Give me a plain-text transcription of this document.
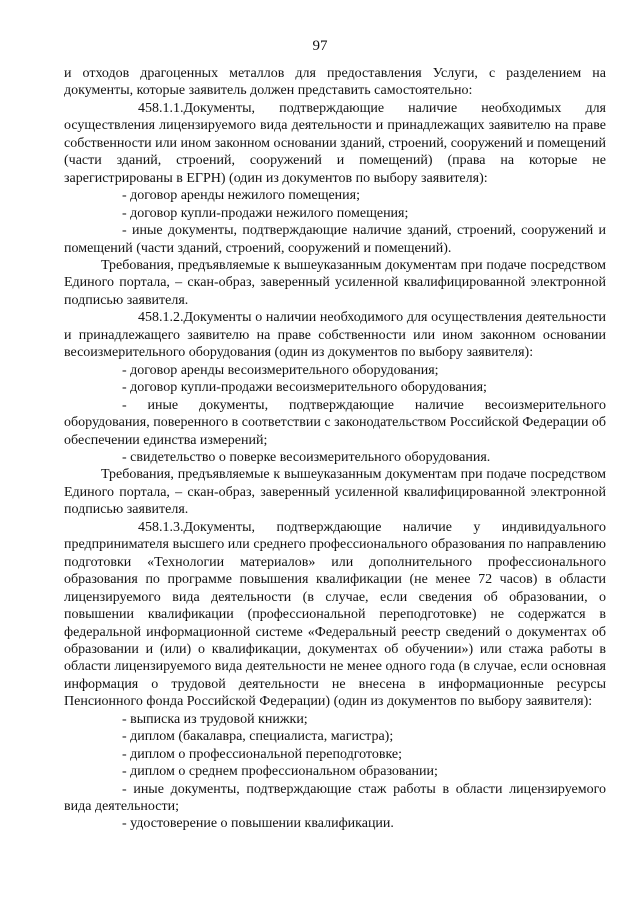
97

и отходов драгоценных металлов для предоставления Услуги, с разделением на документы, которые заявитель должен представить самостоятельно:

458.1.1.Документы, подтверждающие наличие необходимых для осуществления лицензируемого вида деятельности и принадлежащих заявителю на праве собственности или ином законном основании зданий, строений, сооружений и помещений (части зданий, строений, сооружений и помещений) (права на которые не зарегистрированы в ЕГРН) (один из документов по выбору заявителя):

- договор аренды нежилого помещения;

- договор купли-продажи нежилого помещения;

- иные документы, подтверждающие наличие зданий, строений, сооружений и помещений (части зданий, строений, сооружений и помещений).

Требования, предъявляемые к вышеуказанным документам при подаче посредством Единого портала, – скан-образ, заверенный усиленной квалифицированной электронной подписью заявителя.

458.1.2.Документы о наличии необходимого для осуществления деятельности и принадлежащего заявителю на праве собственности или ином законном основании весоизмерительного оборудования (один из документов по выбору заявителя):

- договор аренды весоизмерительного оборудования;

- договор купли-продажи весоизмерительного оборудования;

- иные документы, подтверждающие наличие весоизмерительного оборудования, поверенного в соответствии с законодательством Российской Федерации об обеспечении единства измерений;

- свидетельство о поверке весоизмерительного оборудования.

Требования, предъявляемые к вышеуказанным документам при подаче посредством Единого портала, – скан-образ, заверенный усиленной квалифицированной электронной подписью заявителя.

458.1.3.Документы, подтверждающие наличие у индивидуального предпринимателя высшего или среднего профессионального образования по направлению подготовки «Технологии материалов» или дополнительного профессионального образования по программе повышения квалификации (не менее 72 часов) в области лицензируемого вида деятельности (в случае, если сведения об образовании, о повышении квалификации (профессиональной переподготовке) не содержатся в федеральной информационной системе «Федеральный реестр сведений о документах об образовании и (или) о квалификации, документах об обучении») или стажа работы в области лицензируемого вида деятельности не менее одного года (в случае, если основная информация о трудовой деятельности не внесена в информационные ресурсы Пенсионного фонда Российской Федерации) (один из документов по выбору заявителя):

- выписка из трудовой книжки;

- диплом (бакалавра, специалиста, магистра);

- диплом о профессиональной переподготовке;

- диплом о среднем профессиональном образовании;

- иные документы, подтверждающие стаж работы в области лицензируемого вида деятельности;

- удостоверение о повышении квалификации.
